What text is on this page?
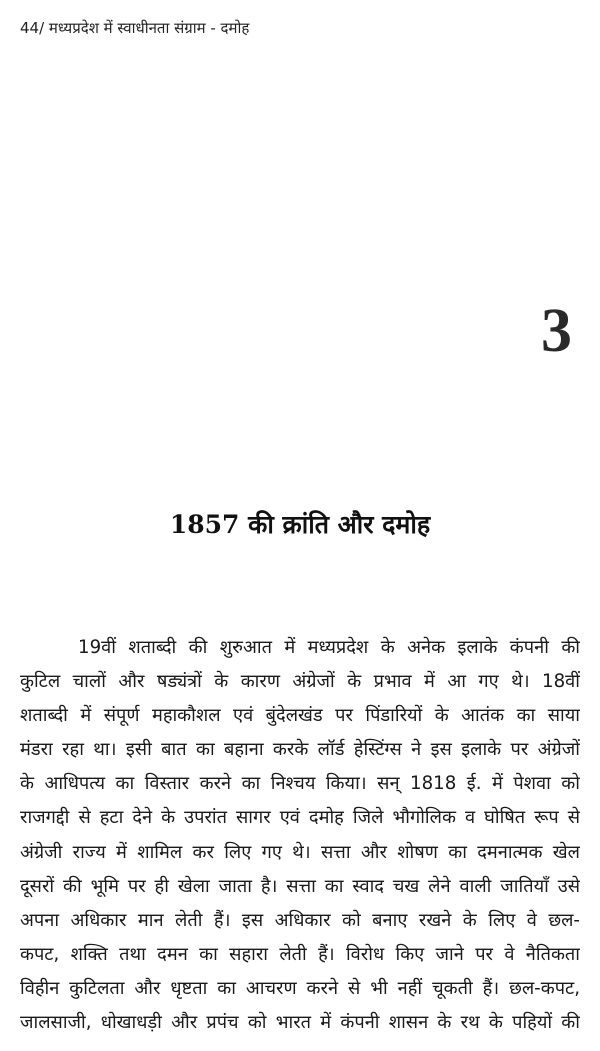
44/ मध्यप्रदेश में स्वाधीनता संग्राम - दमोह
3
1857 की क्रांति और दमोह
19वीं शताब्दी की शुरुआत में मध्यप्रदेश के अनेक इलाके कंपनी की
कुटिल चालों और षड्यंत्रों के कारण अंग्रेजों के प्रभाव में आ गए थे। 18वीं
शताब्दी में संपूर्ण महाकौशल एवं बुंदेलखंड पर पिंडारियों के आतंक का साया
मंडरा रहा था। इसी बात का बहाना करके लॉर्ड हेस्टिंग्स ने इस इलाके पर अंग्रेजों
के आधिपत्य का विस्तार करने का निश्चय किया। सन् 1818 ई. में पेशवा को
राजगद्दी से हटा देने के उपरांत सागर एवं दमोह जिले भौगोलिक व घोषित रूप से
अंग्रेजी राज्य में शामिल कर लिए गए थे। सत्ता और शोषण का दमनात्मक खेल
दूसरों की भूमि पर ही खेला जाता है। सत्ता का स्वाद चख लेने वाली जातियाँ उसे
अपना अधिकार मान लेती हैं। इस अधिकार को बनाए रखने के लिए वे छल-
कपट, शक्ति तथा दमन का सहारा लेती हैं। विरोध किए जाने पर वे नैतिकता
विहीन कुटिलता और धृष्टता का आचरण करने से भी नहीं चूकती हैं। छल-कपट,
जालसाजी, धोखाधड़ी और प्रपंच को भारत में कंपनी शासन के रथ के पहियों की
